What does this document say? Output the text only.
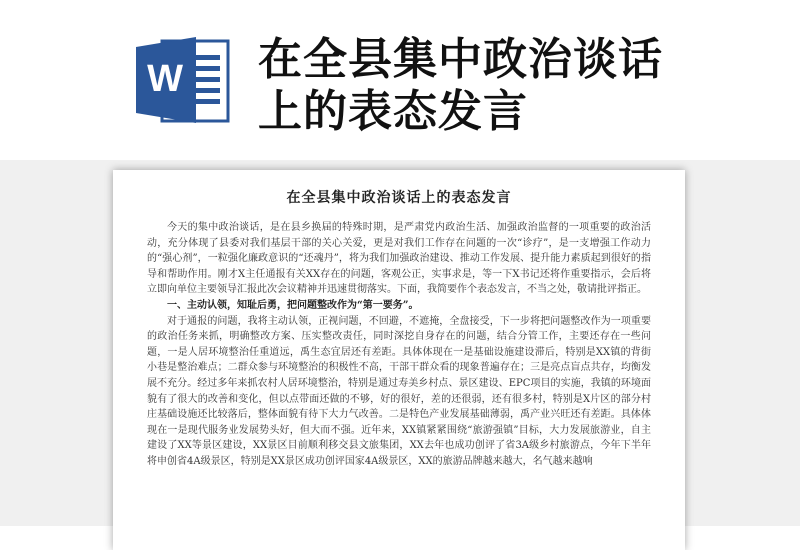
W 在全县集中政治谈话
上的表态发言
在全县集中政治谈话上的表态发言

今天的集中政治谈话，是在县乡换届的特殊时期，是严肃党内政治生活、加强政治监督的一项重要的政治活动，充分体现了县委对我们基层干部的关心关爱，更是对我们工作存在问题的一次“诊疗”，是一支增强工作动力的“强心剂”，一粒强化廉政意识的“还魂丹”，将为我们加强政治建设、推动工作发展、提升能力素质起到很好的指导和帮助作用。刚才X主任通报有关XX存在的问题，客观公正，实事求是，等一下X书记还将作重要指示，会后将立即向单位主要领导汇报此次会议精神并迅速贯彻落实。下面，我简要作个表态发言，不当之处，敬请批评指正。

一、主动认领，知耻后勇，把问题整改作为“第一要务”。

对于通报的问题，我将主动认领，正视问题，不回避，不遮掩，全盘接受，下一步将把问题整改作为一项重要的政治任务来抓，明确整改方案、压实整改责任，同时深挖自身存在的问题，结合分管工作，主要还存在一些问题，一是人居环境整治任重道远，禹生态宜居还有差距。具体体现在一是基础设施建设滞后，特别是XX镇的背街小巷是整治难点；二群众参与环境整治的积极性不高，干部干群众看的现象普遍存在；三是亮点盲点共存，均衡发展不充分。经过多年来抓农村人居环境整治，特别是通过寿美乡村点、景区建设、EPC项目的实施，我镇的环境面貌有了很大的改善和变化，但以点带面还做的不够，好的很好，差的还很弱，还有很多村，特别是X片区的部分村庄基础设施还比较落后，整体面貌有待下大力气改善。二是特色产业发展基础薄弱，禹产业兴旺还有差距。具体体现在一是现代服务业发展势头好，但大而不强。近年来，XX镇紧紧围绕“旅游强镇”目标，大力发展旅游业，自主建设了XX等景区建设，XX景区目前顺利移交县文旅集团，XX去年也成功创评了省3A级乡村旅游点，今年下半年将申创省4A级景区，特别是XX景区成功创评国家4A级景区，XX的旅游品牌越来越大，名气越来越响
